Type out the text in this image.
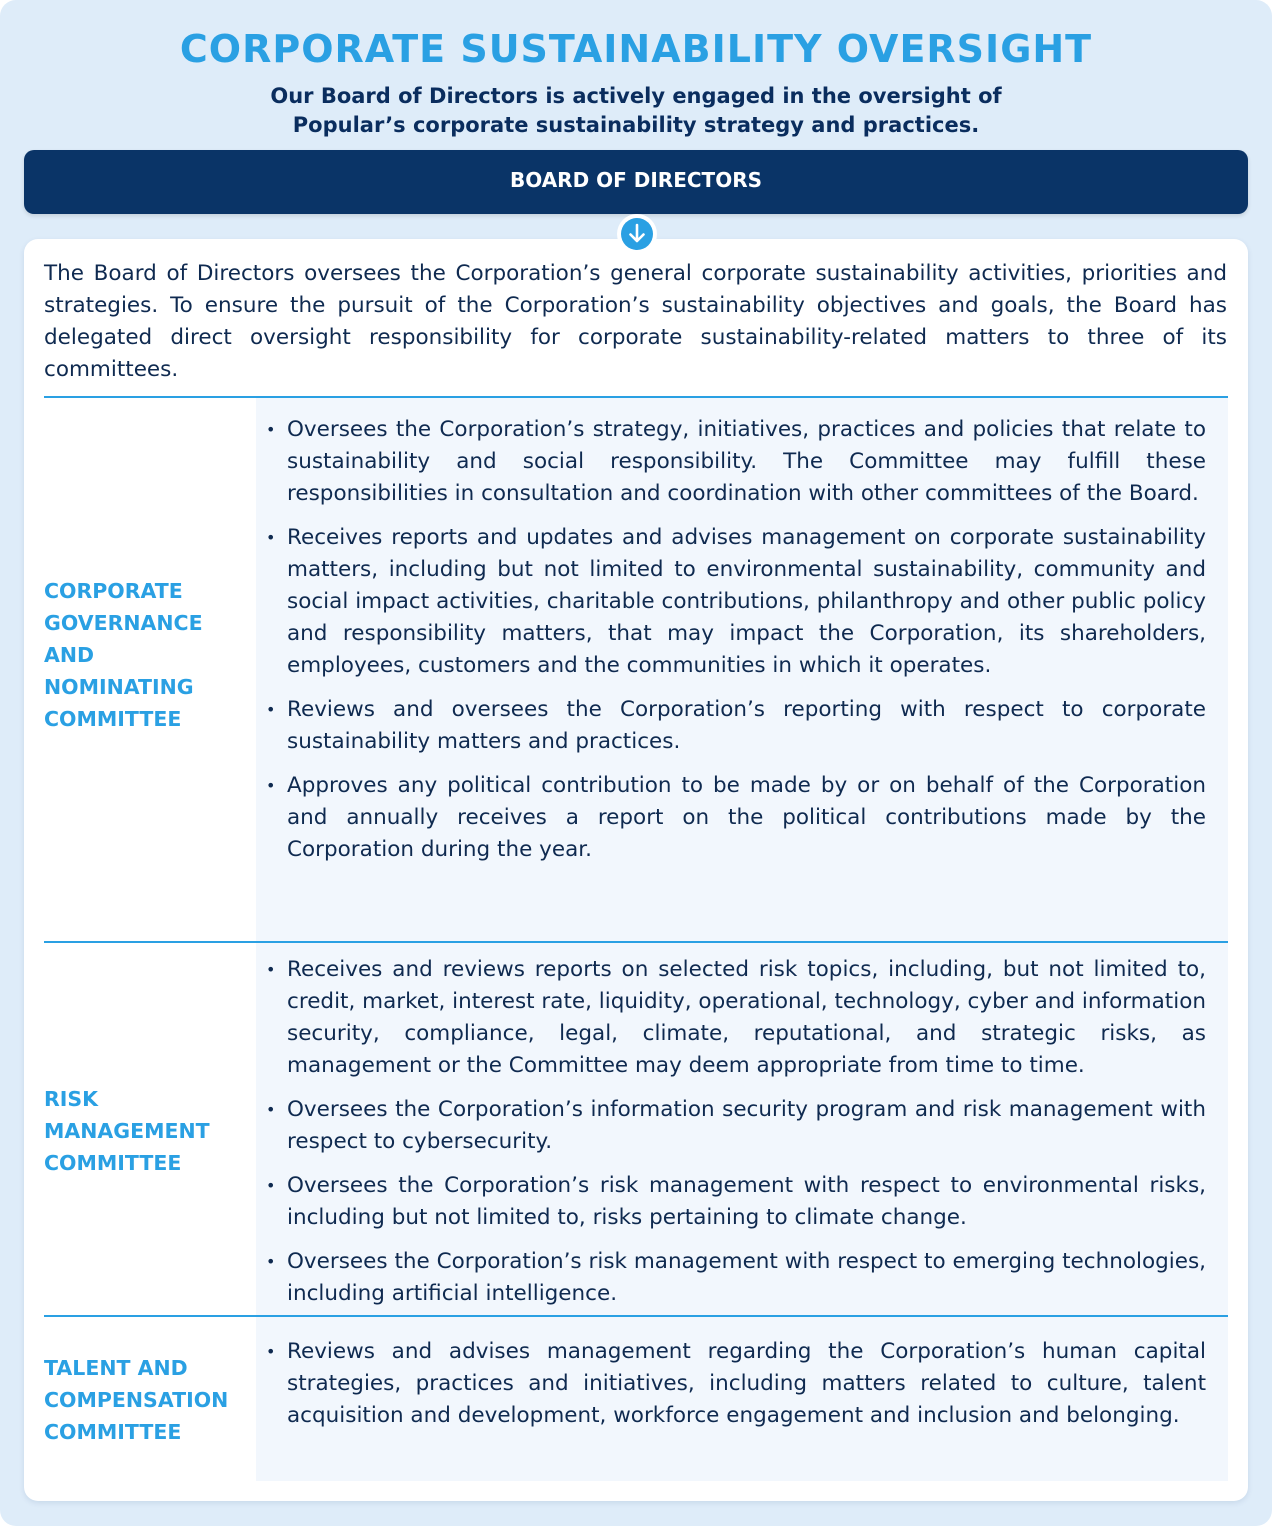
CORPORATE SUSTAINABILITY OVERSIGHT
Our Board of Directors is actively engaged in the oversight of
Popular’s corporate sustainability strategy and practices.
BOARD OF DIRECTORS

The Board of Directors oversees the Corporation’s general corporate sustainability activities, priorities and strategies. To ensure the pursuit of the Corporation’s sustainability objectives and goals, the Board has delegated direct oversight responsibility for corporate sustainability-related matters to three of its committees.

CORPORATE
GOVERNANCE
AND
NOMINATING
COMMITTEE
• Oversees the Corporation’s strategy, initiatives, practices and policies that relate to sustainability and social responsibility. The Committee may fulfill these responsibilities in consultation and coordination with other committees of the Board.
• Receives reports and updates and advises management on corporate sustainability matters, including but not limited to environmental sustainability, community and social impact activities, charitable contributions, philanthropy and other public policy and responsibility matters, that may impact the Corporation, its shareholders, employees, customers and the communities in which it operates.
• Reviews and oversees the Corporation’s reporting with respect to corporate sustainability matters and practices.
• Approves any political contribution to be made by or on behalf of the Corporation and annually receives a report on the political contributions made by the Corporation during the year.
RISK
MANAGEMENT
COMMITTEE
• Receives and reviews reports on selected risk topics, including, but not limited to, credit, market, interest rate, liquidity, operational, technology, cyber and information security, compliance, legal, climate, reputational, and strategic risks, as management or the Committee may deem appropriate from time to time.
• Oversees the Corporation’s information security program and risk management with respect to cybersecurity.
• Oversees the Corporation’s risk management with respect to environmental risks, including but not limited to, risks pertaining to climate change.
• Oversees the Corporation’s risk management with respect to emerging technologies, including artificial intelligence.
TALENT AND
COMPENSATION
COMMITTEE
• Reviews and advises management regarding the Corporation’s human capital strategies, practices and initiatives, including matters related to culture, talent acquisition and development, workforce engagement and inclusion and belonging.
